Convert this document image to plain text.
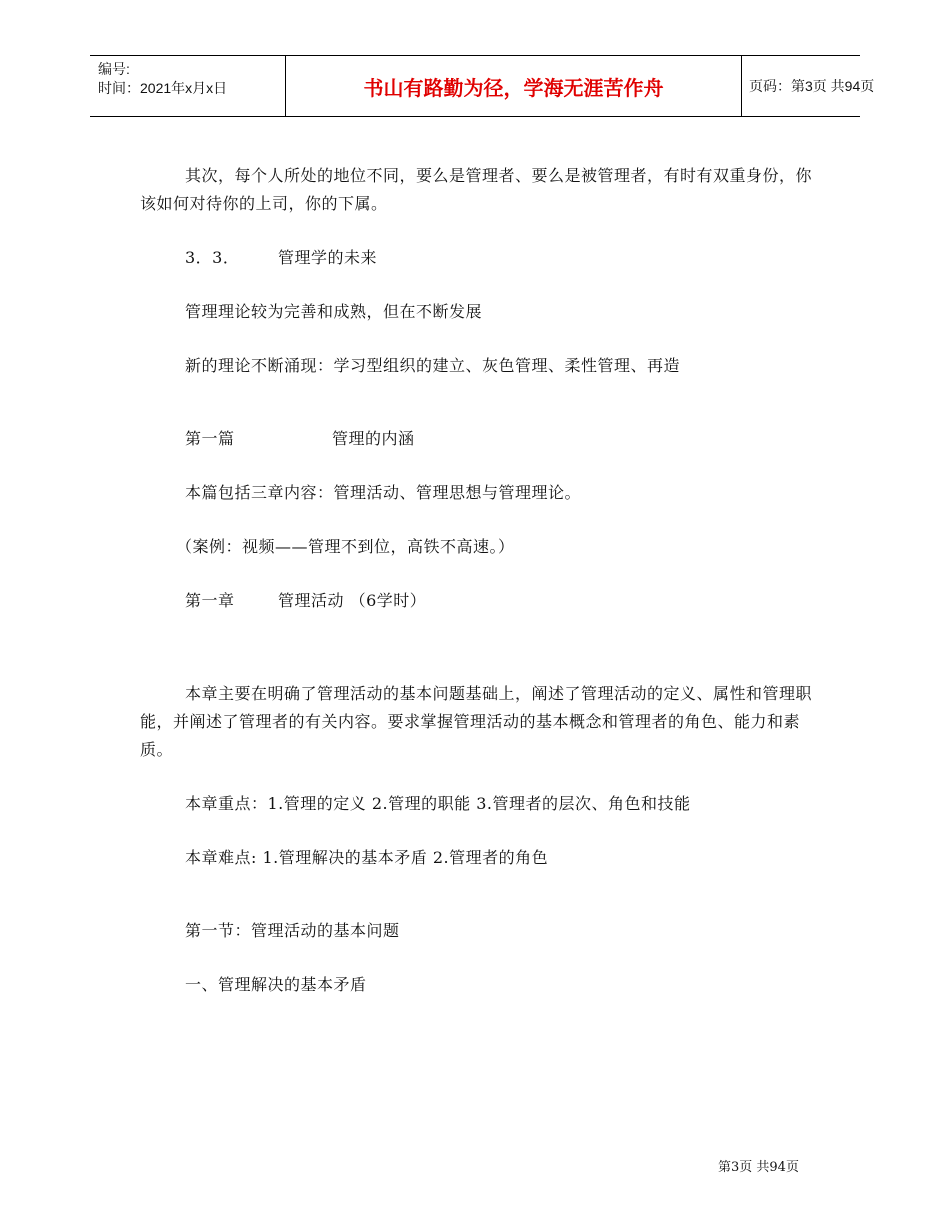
编号:
时间：2021年x月x日	书山有路勤为径，学海无涯苦作舟	页码：第3页 共94页

其次，每个人所处的地位不同，要么是管理者、要么是被管理者，有时有双重身份，你该如何对待你的上司，你的下属。

3．3． 管理学的未来

管理理论较为完善和成熟，但在不断发展

新的理论不断涌现：学习型组织的建立、灰色管理、柔性管理、再造

第一篇	管理的内涵

本篇包括三章内容：管理活动、管理思想与管理理论。

（案例：视频——管理不到位，高铁不高速。）

第一章	管理活动 （6学时）

本章主要在明确了管理活动的基本问题基础上，阐述了管理活动的定义、属性和管理职能，并阐述了管理者的有关内容。要求掌握管理活动的基本概念和管理者的角色、能力和素质。

本章重点：1.管理的定义 2.管理的职能 3.管理者的层次、角色和技能

本章难点: 1.管理解决的基本矛盾 2.管理者的角色

第一节：管理活动的基本问题

一、管理解决的基本矛盾

第3页 共94页
